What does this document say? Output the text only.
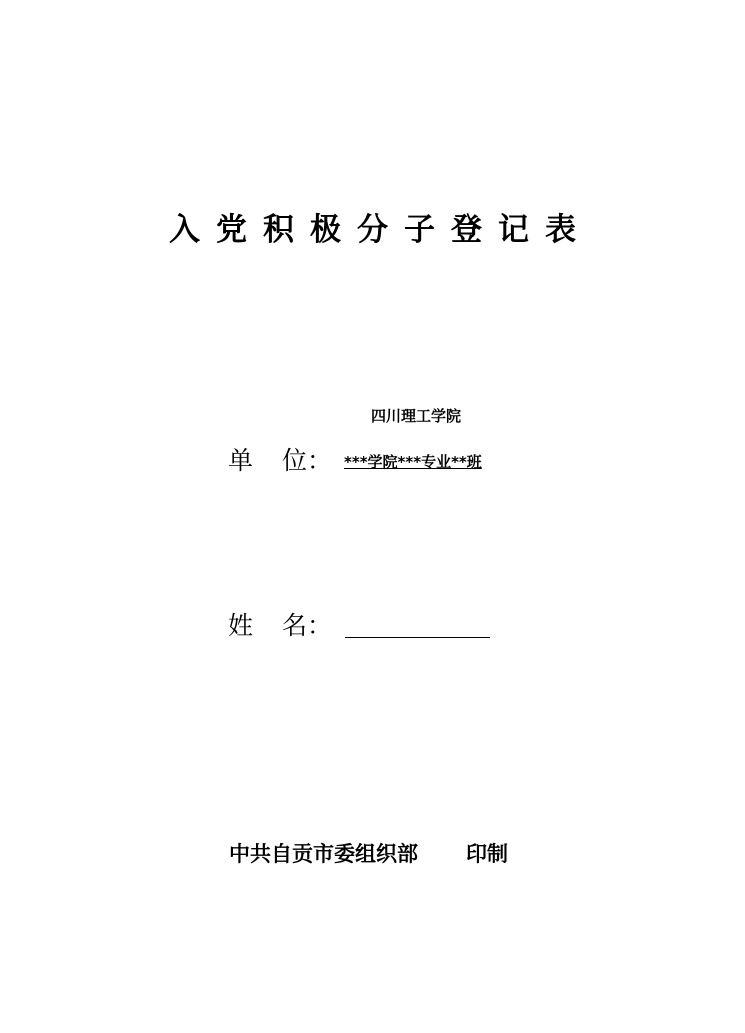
入党积极分子登记表
四川理工学院
单 位： ***学院***专业**班
姓 名：
中共自贡市委组织部 印制
